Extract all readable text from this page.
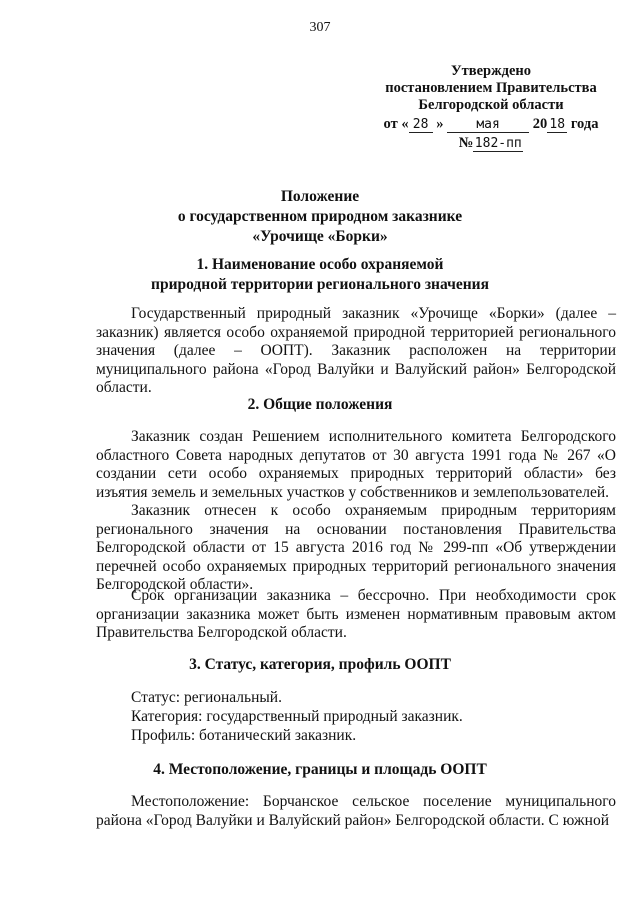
307
Утверждено
постановлением Правительства
Белгородской области
от « 28 »	мая 20 18 года
№ 182-пп
Положение
о государственном природном заказнике
«Урочище «Борки»
1. Наименование особо охраняемой
природной территории регионального значения
Государственный природный заказник «Урочище «Борки» (далее – заказник) является особо охраняемой природной территорией регионального значения (далее – ООПТ). Заказник расположен на территории муниципального района «Город Валуйки и Валуйский район» Белгородской области.
2. Общие положения
Заказник создан Решением исполнительного комитета Белгородского областного Совета народных депутатов от 30 августа 1991 года № 267 «О создании сети особо охраняемых природных территорий области» без изъятия земель и земельных участков у собственников и землепользователей.
Заказник отнесен к особо охраняемым природным территориям регионального значения на основании постановления Правительства Белгородской области от 15 августа 2016 год № 299-пп «Об утверждении перечней особо охраняемых природных территорий регионального значения Белгородской области».
Срок организации заказника – бессрочно. При необходимости срок организации заказника может быть изменен нормативным правовым актом Правительства Белгородской области.
3. Статус, категория, профиль ООПТ
Статус: региональный.
Категория: государственный природный заказник.
Профиль: ботанический заказник.
4. Местоположение, границы и площадь ООПТ
Местоположение: Борчанское сельское поселение муниципального района «Город Валуйки и Валуйский район» Белгородской области. С южной
